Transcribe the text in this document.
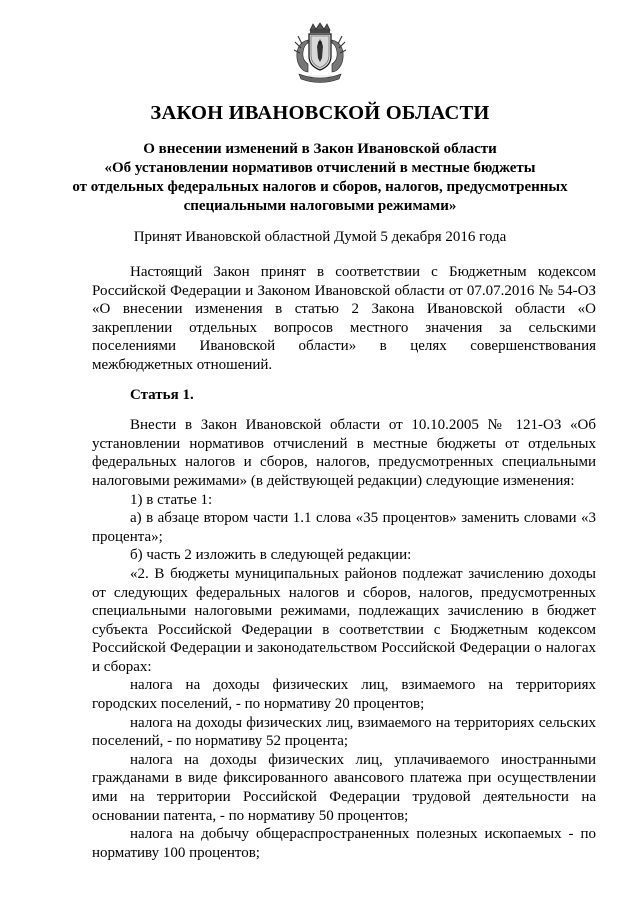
ЗАКОН ИВАНОВСКОЙ ОБЛАСТИ
О внесении изменений в Закон Ивановской области
«Об установлении нормативов отчислений в местные бюджеты
от отдельных федеральных налогов и сборов, налогов, предусмотренных
специальными налоговыми режимами»
Принят Ивановской областной Думой 5 декабря 2016 года

Настоящий Закон принят в соответствии с Бюджетным кодексом Российской Федерации и Законом Ивановской области от 07.07.2016 № 54-ОЗ «О внесении изменения в статью 2 Закона Ивановской области «О закреплении отдельных вопросов местного значения за сельскими поселениями Ивановской области» в целях совершенствования межбюджетных отношений.

Статья 1.

Внести в Закон Ивановской области от 10.10.2005 № 121-ОЗ «Об установлении нормативов отчислений в местные бюджеты от отдельных федеральных налогов и сборов, налогов, предусмотренных специальными налоговыми режимами» (в действующей редакции) следующие изменения:

1) в статье 1:

а) в абзаце втором части 1.1 слова «35 процентов» заменить словами «3 процента»;

б) часть 2 изложить в следующей редакции:

«2. В бюджеты муниципальных районов подлежат зачислению доходы от следующих федеральных налогов и сборов, налогов, предусмотренных специальными налоговыми режимами, подлежащих зачислению в бюджет субъекта Российской Федерации в соответствии с Бюджетным кодексом Российской Федерации и законодательством Российской Федерации о налогах и сборах:

налога на доходы физических лиц, взимаемого на территориях городских поселений, - по нормативу 20 процентов;

налога на доходы физических лиц, взимаемого на территориях сельских поселений, - по нормативу 52 процента;

налога на доходы физических лиц, уплачиваемого иностранными гражданами в виде фиксированного авансового платежа при осуществлении ими на территории Российской Федерации трудовой деятельности на основании патента, - по нормативу 50 процентов;

налога на добычу общераспространенных полезных ископаемых - по нормативу 100 процентов;
